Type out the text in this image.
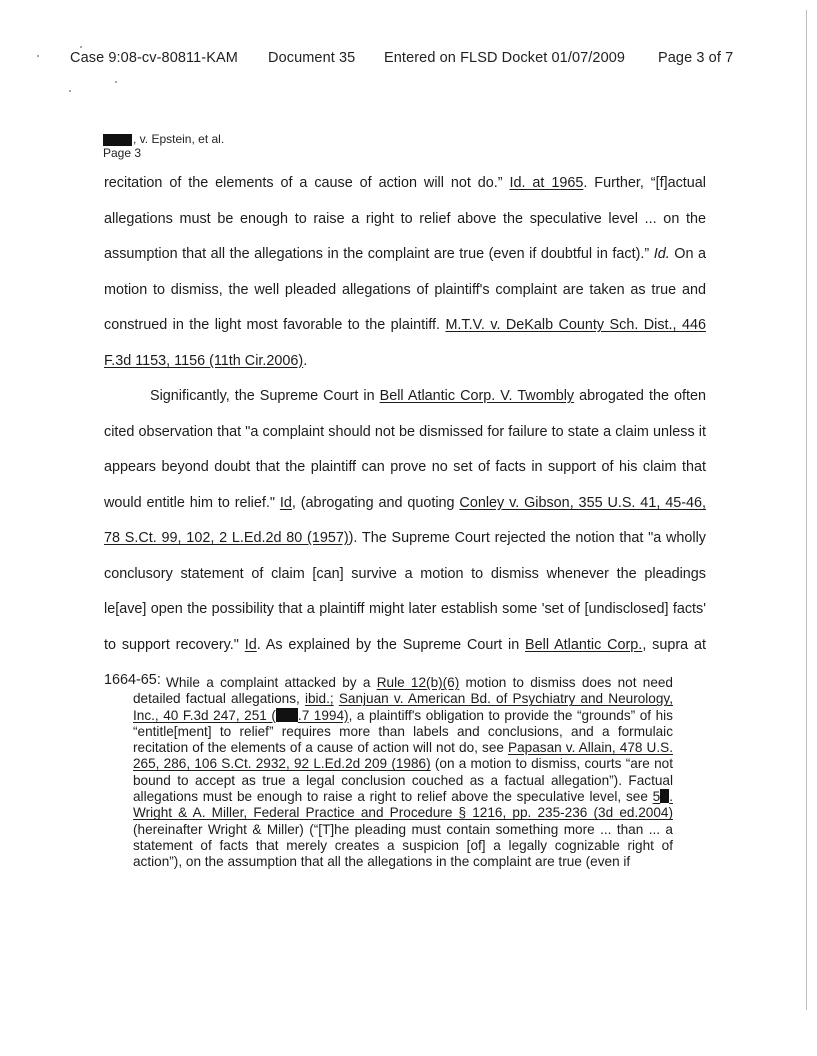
Case 9:08-cv-80811-KAM Document 35 Entered on FLSD Docket 01/07/2009 Page 3 of 7
, v. Epstein, et al.
Page 3

recitation of the elements of a cause of action will not do.” Id. at 1965. Further, “[f]actual allegations must be enough to raise a right to relief above the speculative level ... on the assumption that all the allegations in the complaint are true (even if doubtful in fact).” Id. On a motion to dismiss, the well pleaded allegations of plaintiff's complaint are taken as true and construed in the light most favorable to the plaintiff. M.T.V. v. DeKalb County Sch. Dist., 446 F.3d 1153, 1156 (11th Cir.2006).

Significantly, the Supreme Court in Bell Atlantic Corp. V. Twombly abrogated the often cited observation that "a complaint should not be dismissed for failure to state a claim unless it appears beyond doubt that the plaintiff can prove no set of facts in support of his claim that would entitle him to relief." Id, (abrogating and quoting Conley v. Gibson, 355 U.S. 41, 45-46, 78 S.Ct. 99, 102, 2 L.Ed.2d 80 (1957)). The Supreme Court rejected the notion that "a wholly conclusory statement of claim [can] survive a motion to dismiss whenever the pleadings le[ave] open the possibility that a plaintiff might later establish some 'set of [undisclosed] facts' to support recovery." Id. As explained by the Supreme Court in Bell Atlantic Corp., supra at 1664-65: While a complaint attacked by a Rule 12(b)(6) motion to dismiss does not need detailed factual allegations, ibid.; Sanjuan v. American Bd. of Psychiatry and Neurology, Inc., 40 F.3d 247, 251 ( .7 1994), a plaintiff's obligation to provide the “grounds” of his “entitle[ment] to relief” requires more than labels and conclusions, and a formulaic recitation of the elements of a cause of action will not do, see Papasan v. Allain, 478 U.S. 265, 286, 106 S.Ct. 2932, 92 L.Ed.2d 209 (1986) (on a motion to dismiss, courts “are not bound to accept as true a legal conclusion couched as a factual allegation”). Factual allegations must be enough to raise a right to relief above the speculative level, see 5 . Wright & A. Miller, Federal Practice and Procedure § 1216, pp. 235-236 (3d ed.2004) (hereinafter Wright & Miller) (“[T]he pleading must contain something more ... than ... a statement of facts that merely creates a suspicion [of] a legally cognizable right of action”), on the assumption that all the allegations in the complaint are true (even if
